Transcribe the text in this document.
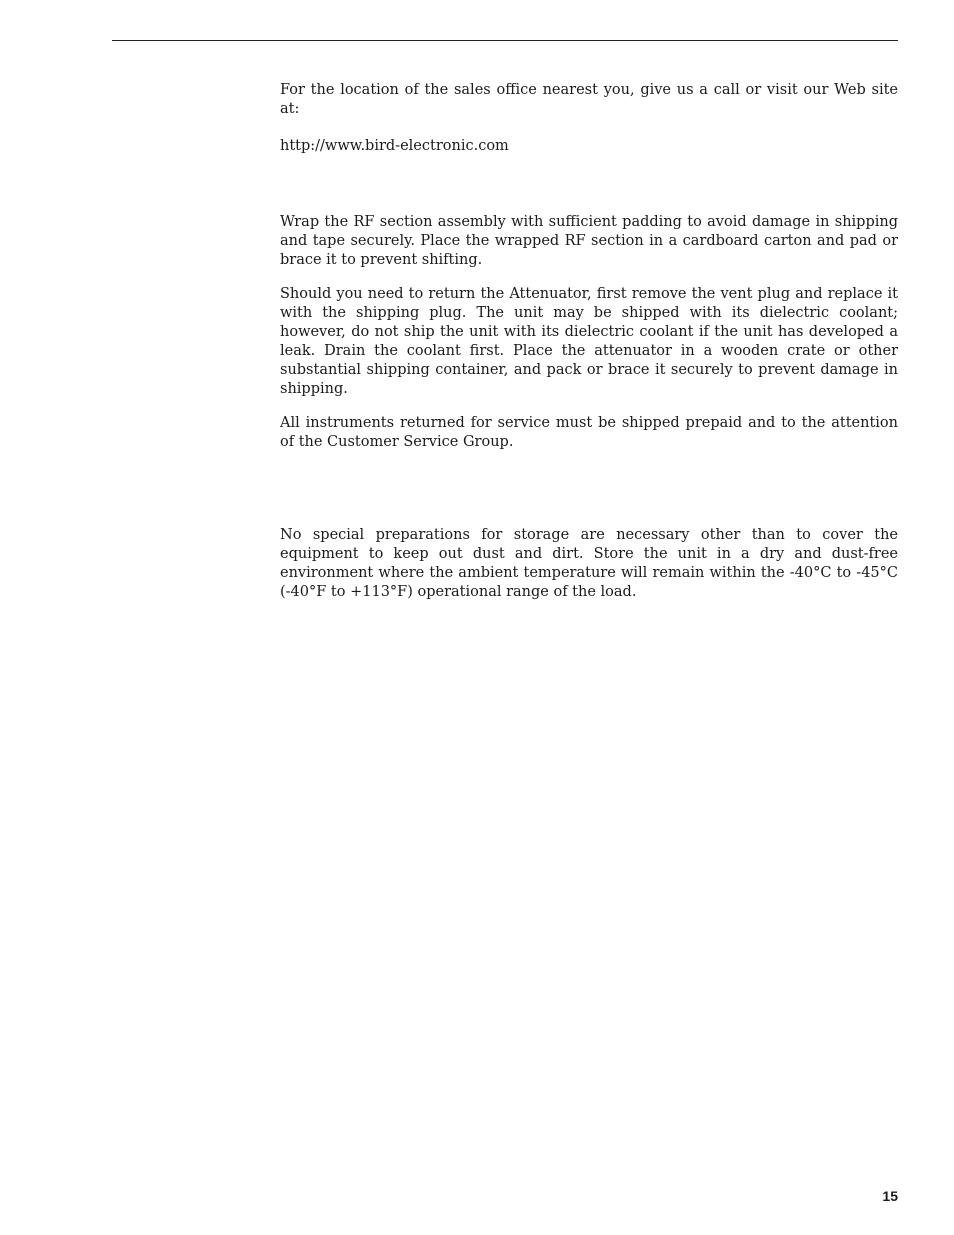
For the location of the sales office nearest you, give us a call or visit our Web site at:

http://www.bird-electronic.com

Wrap the RF section assembly with sufficient padding to avoid damage in shipping and tape securely. Place the wrapped RF section in a cardboard carton and pad or brace it to prevent shifting.

Should you need to return the Attenuator, first remove the vent plug and replace it with the shipping plug. The unit may be shipped with its dielectric coolant; however, do not ship the unit with its dielectric coolant if the unit has developed a leak. Drain the coolant first. Place the attenuator in a wooden crate or other substantial shipping container, and pack or brace it securely to prevent damage in shipping.

All instruments returned for service must be shipped prepaid and to the attention of the Customer Service Group.

No special preparations for storage are necessary other than to cover the equipment to keep out dust and dirt. Store the unit in a dry and dust-free environment where the ambient temperature will remain within the -40°C to -45°C (-40°F to +113°F) operational range of the load.

15
